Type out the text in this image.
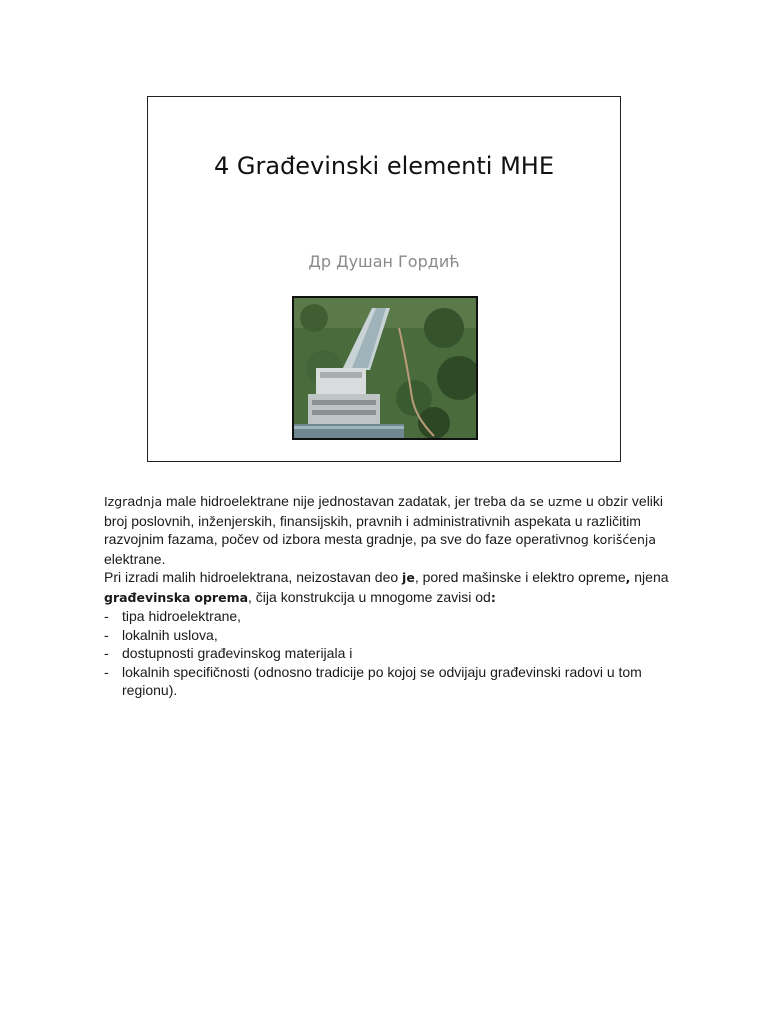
4 Građevinski elementi MHE
Др Душан Гордић

Izgradnja male hidroelektrane nije jednostavan zadatak, jer treba da se uzme u obzir veliki broj poslovnih, inženjerskih, finansijskih, pravnih i administrativnih aspekata u različitim razvojnim fazama, počev od izbora mesta gradnje, pa sve do faze operativnog korišćenja elektrane.

Pri izradi malih hidroelektrana, neizostavan deo je, pored mašinske i elektro opreme, njena građevinska oprema, čija konstrukcija u mnogome zavisi od:

- tipa hidroelektrane,
- lokalnih uslova,
- dostupnosti građevinskog materijala i
- lokalnih specifičnosti (odnosno tradicije po kojoj se odvijaju građevinski radovi u tom regionu).
